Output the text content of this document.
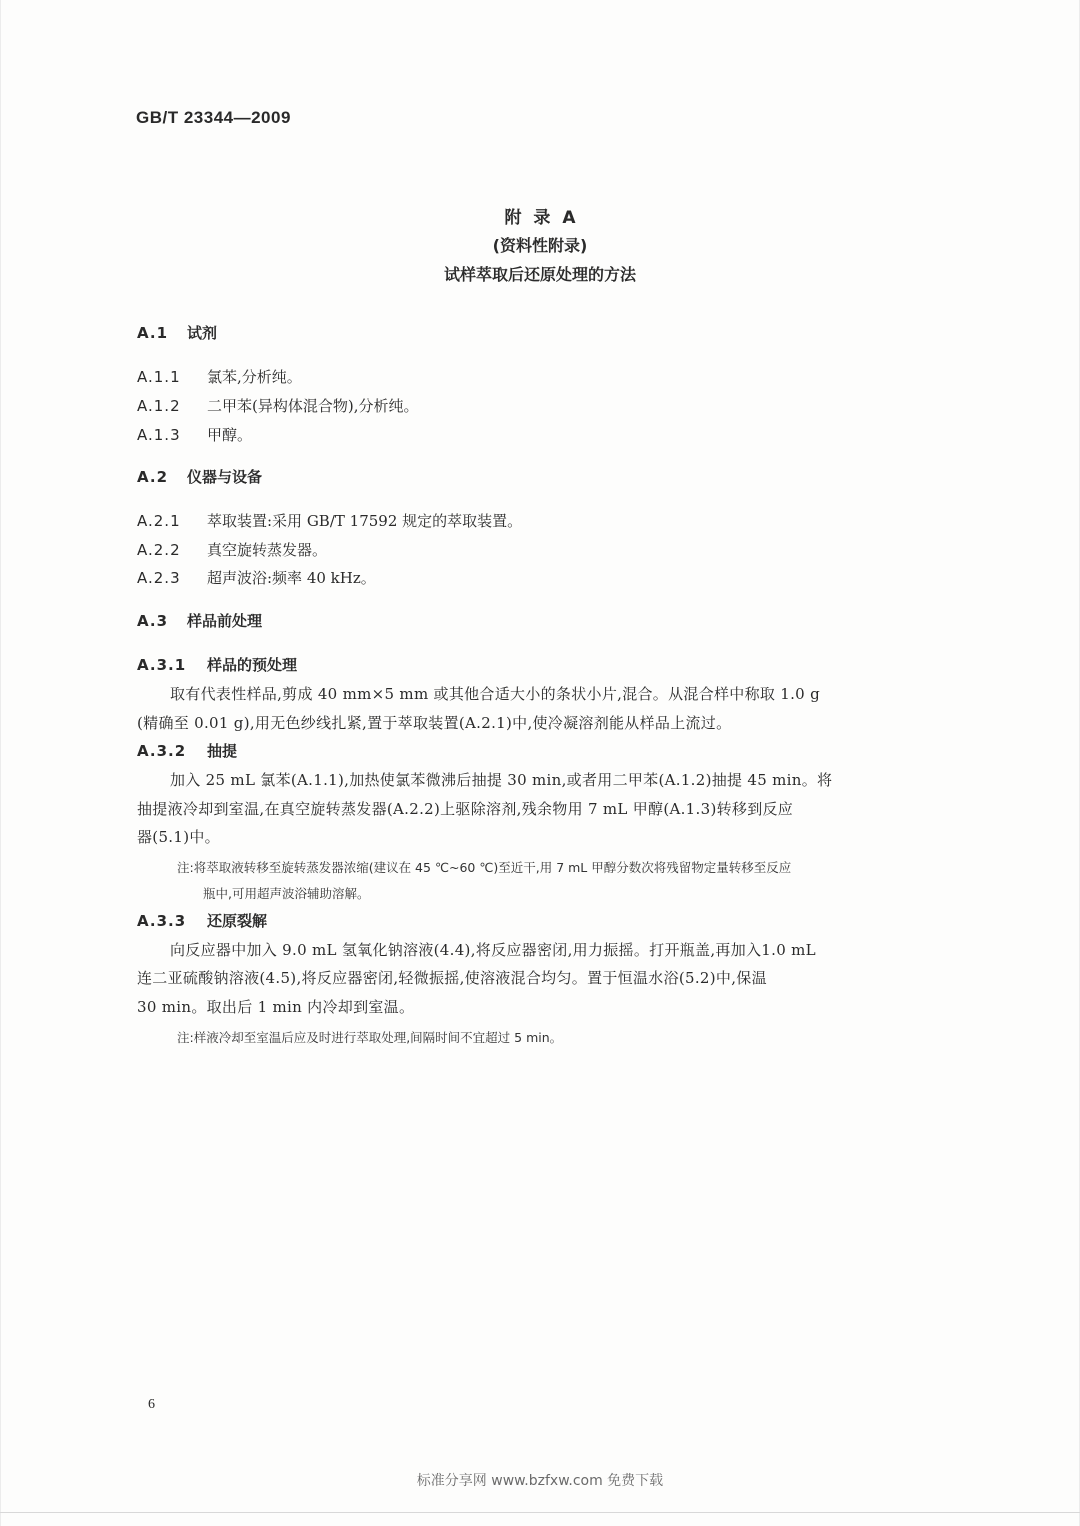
GB/T 23344—2009
附 录 A
(资料性附录)
试样萃取后还原处理的方法
A.1 试剂
A.1.1 氯苯,分析纯。
A.1.2 二甲苯(异构体混合物),分析纯。
A.1.3 甲醇。
A.2 仪器与设备
A.2.1 萃取装置:采用 GB/T 17592 规定的萃取装置。
A.2.2 真空旋转蒸发器。
A.2.3 超声波浴:频率 40 kHz。
A.3 样品前处理
A.3.1 样品的预处理
取有代表性样品,剪成 40 mm×5 mm 或其他合适大小的条状小片,混合。从混合样中称取 1.0 g
(精确至 0.01 g),用无色纱线扎紧,置于萃取装置(A.2.1)中,使冷凝溶剂能从样品上流过。
A.3.2 抽提
加入 25 mL 氯苯(A.1.1),加热使氯苯微沸后抽提 30 min,或者用二甲苯(A.1.2)抽提 45 min。将
抽提液冷却到室温,在真空旋转蒸发器(A.2.2)上驱除溶剂,残余物用 7 mL 甲醇(A.1.3)转移到反应
器(5.1)中。
注:将萃取液转移至旋转蒸发器浓缩(建议在 45 ℃~60 ℃)至近干,用 7 mL 甲醇分数次将残留物定量转移至反应
瓶中,可用超声波浴辅助溶解。
A.3.3 还原裂解
向反应器中加入 9.0 mL 氢氧化钠溶液(4.4),将反应器密闭,用力振摇。打开瓶盖,再加入1.0 mL
连二亚硫酸钠溶液(4.5),将反应器密闭,轻微振摇,使溶液混合均匀。置于恒温水浴(5.2)中,保温
30 min。取出后 1 min 内冷却到室温。
注:样液冷却至室温后应及时进行萃取处理,间隔时间不宜超过 5 min。
6
标准分享网 www.bzfxw.com 免费下载
